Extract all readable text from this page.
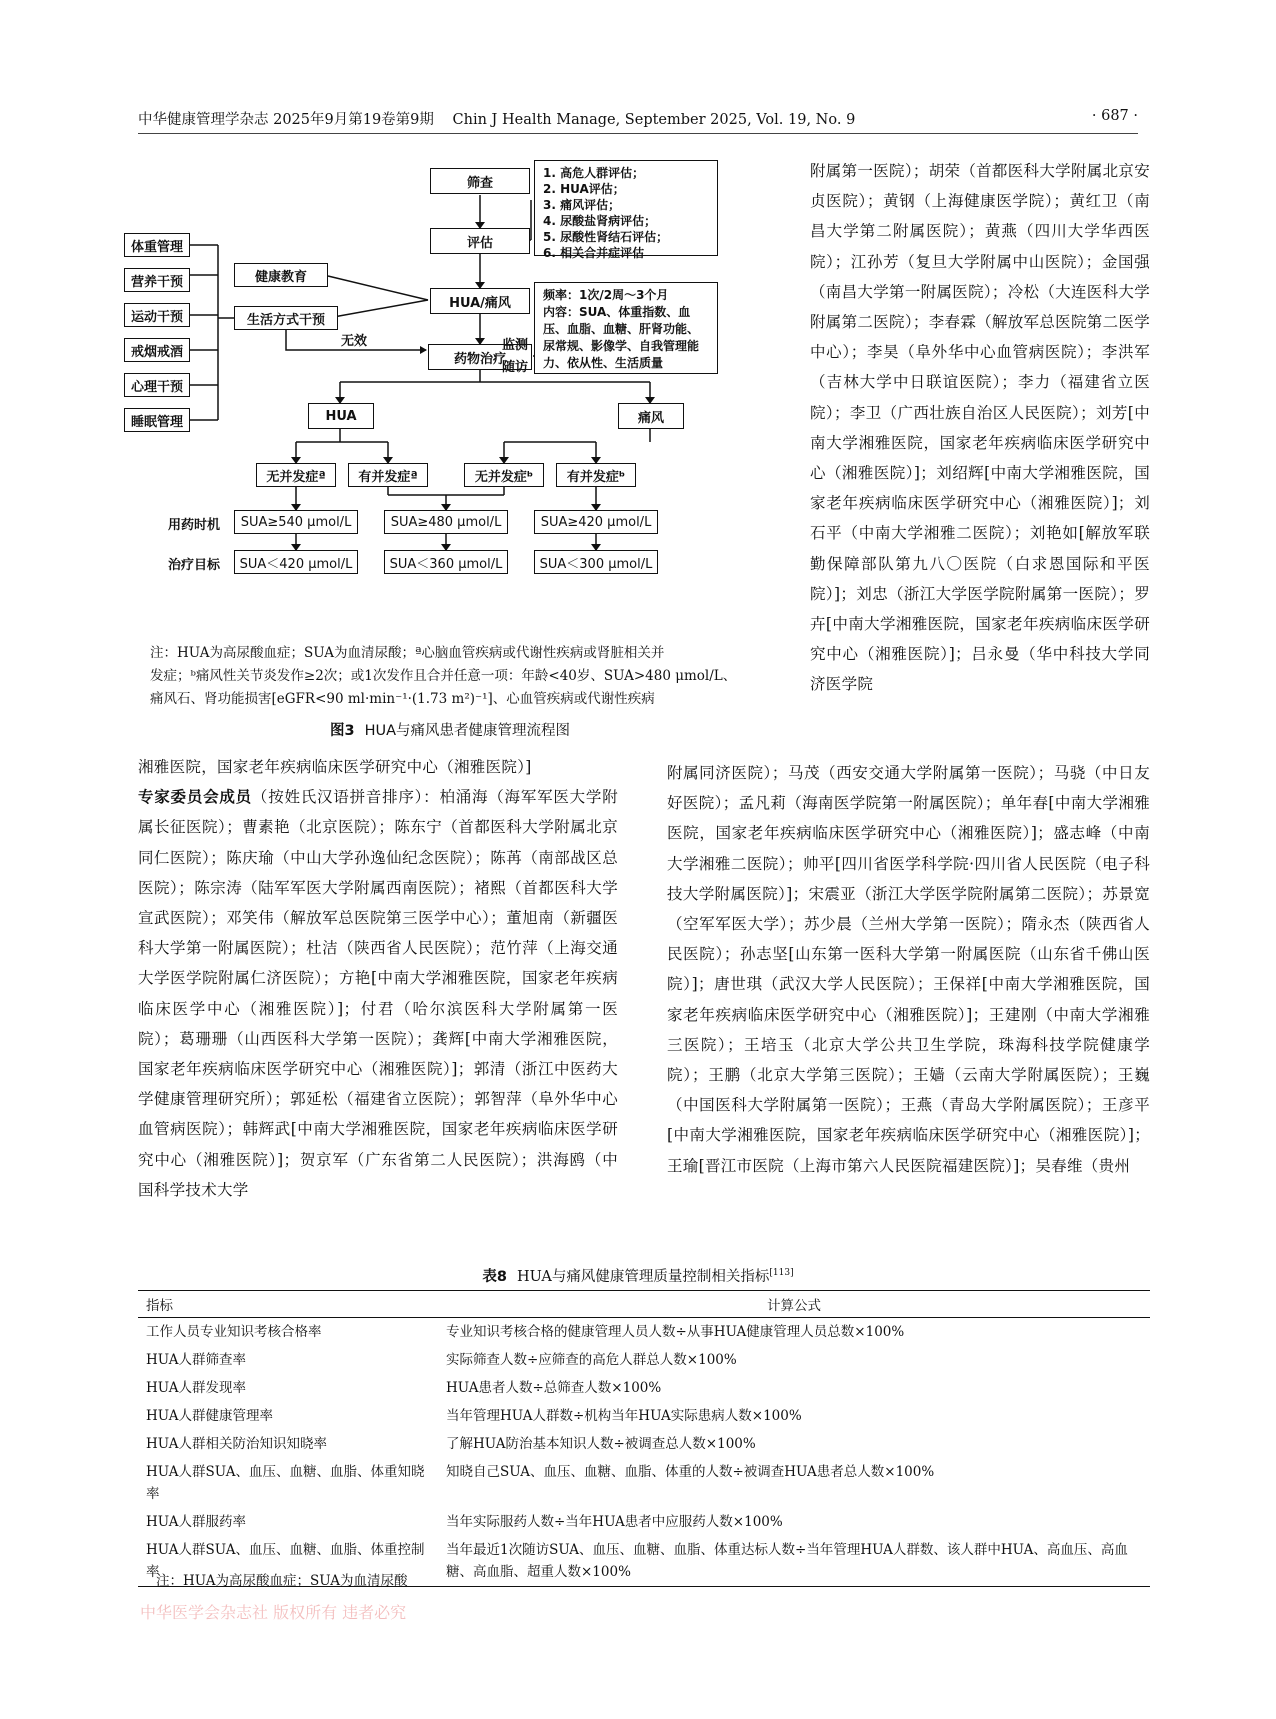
中华健康管理学杂志 2025年9月第19卷第9期 Chin J Health Manage, September 2025, Vol. 19, No. 9	· 687 ·
筛查
评估
HUA/痛风
药物治疗
1. 高危人群评估；
2. HUA评估；
3. 痛风评估；
4. 尿酸盐肾病评估；
5. 尿酸性肾结石评估；
6. 相关合并症评估
频率：1次/2周～3个月
内容：SUA、体重指数、血
压、血脂、血糖、肝肾功能、
尿常规、影像学、自我管理能
力、依从性、生活质量
监测
随访
健康教育
生活方式干预
无效
体重管理
营养干预
运动干预
戒烟戒酒
心理干预
睡眠管理	HUA	痛风
无并发症ª	有并发症ª	无并发症ᵇ	有并发症ᵇ
用药时机
治疗目标
SUA≥540 μmol/L	SUA≥480 μmol/L	SUA≥420 μmol/L
SUA＜420 μmol/L	SUA＜360 μmol/L	SUA＜300 μmol/L
注：HUA为高尿酸血症；SUA为血清尿酸；ª心脑血管疾病或代谢性疾病或肾脏相关并
发症；ᵇ痛风性关节炎发作≥2次；或1次发作且合并任意一项：年龄<40岁、SUA>480 μmol/L、
痛风石、肾功能损害[eGFR<90 ml·min⁻¹·(1.73 m²)⁻¹]、心血管疾病或代谢性疾病
图3 HUA与痛风患者健康管理流程图

附属第一医院）；胡荣（首都医科大学附属北京安贞医院）；黄钢（上海健康医学院）；黄红卫（南昌大学第二附属医院）；黄燕（四川大学华西医院）；江孙芳（复旦大学附属中山医院）；金国强（南昌大学第一附属医院）；冷松（大连医科大学附属第二医院）；李春霖（解放军总医院第二医学中心）；李昊（阜外华中心血管病医院）；李洪军（吉林大学中日联谊医院）；李力（福建省立医院）；李卫（广西壮族自治区人民医院）；刘芳[中南大学湘雅医院，国家老年疾病临床医学研究中心（湘雅医院）]；刘绍辉[中南大学湘雅医院，国家老年疾病临床医学研究中心（湘雅医院）]；刘石平（中南大学湘雅二医院）；刘艳如[解放军联勤保障部队第九八〇医院（白求恩国际和平医院）]；刘忠（浙江大学医学院附属第一医院）；罗卉[中南大学湘雅医院，国家老年疾病临床医学研究中心（湘雅医院）]；吕永曼（华中科技大学同济医学院

湘雅医院，国家老年疾病临床医学研究中心（湘雅医院）]

专家委员会成员（按姓氏汉语拼音排序）：柏涌海（海军军医大学附属长征医院）；曹素艳（北京医院）；陈东宁（首都医科大学附属北京同仁医院）；陈庆瑜（中山大学孙逸仙纪念医院）；陈苒（南部战区总医院）；陈宗涛（陆军军医大学附属西南医院）；褚熙（首都医科大学宣武医院）；邓笑伟（解放军总医院第三医学中心）；董旭南（新疆医科大学第一附属医院）；杜洁（陕西省人民医院）；范竹萍（上海交通大学医学院附属仁济医院）；方艳[中南大学湘雅医院，国家老年疾病临床医学中心（湘雅医院）]；付君（哈尔滨医科大学附属第一医院）；葛珊珊（山西医科大学第一医院）；龚辉[中南大学湘雅医院，国家老年疾病临床医学研究中心（湘雅医院）]；郭清（浙江中医药大学健康管理研究所）；郭延松（福建省立医院）；郭智萍（阜外华中心血管病医院）；韩辉武[中南大学湘雅医院，国家老年疾病临床医学研究中心（湘雅医院）]；贺京军（广东省第二人民医院）；洪海鸥（中国科学技术大学

附属同济医院）；马茂（西安交通大学附属第一医院）；马骁（中日友好医院）；孟凡莉（海南医学院第一附属医院）；单年春[中南大学湘雅医院，国家老年疾病临床医学研究中心（湘雅医院）]；盛志峰（中南大学湘雅二医院）；帅平[四川省医学科学院·四川省人民医院（电子科技大学附属医院）]；宋震亚（浙江大学医学院附属第二医院）；苏景宽（空军军医大学）；苏少晨（兰州大学第一医院）；隋永杰（陕西省人民医院）；孙志坚[山东第一医科大学第一附属医院（山东省千佛山医院）]；唐世琪（武汉大学人民医院）；王保祥[中南大学湘雅医院，国家老年疾病临床医学研究中心（湘雅医院）]；王建刚（中南大学湘雅三医院）；王培玉（北京大学公共卫生学院，珠海科技学院健康学院）；王鹏（北京大学第三医院）；王嫱（云南大学附属医院）；王巍（中国医科大学附属第一医院）；王燕（青岛大学附属医院）；王彦平[中南大学湘雅医院，国家老年疾病临床医学研究中心（湘雅医院）]；王瑜[晋江市医院（上海市第六人民医院福建医院）]；吴春维（贵州

表8 HUA与痛风健康管理质量控制相关指标[113]
指标	计算公式
工作人员专业知识考核合格率	专业知识考核合格的健康管理人员人数÷从事HUA健康管理人员总数×100%
HUA人群筛查率	实际筛查人数÷应筛查的高危人群总人数×100%
HUA人群发现率	HUA患者人数÷总筛查人数×100%
HUA人群健康管理率	当年管理HUA人群数÷机构当年HUA实际患病人数×100%
HUA人群相关防治知识知晓率	了解HUA防治基本知识人数÷被调查总人数×100%
HUA人群SUA、血压、血糖、血脂、体重知晓率	知晓自己SUA、血压、血糖、血脂、体重的人数÷被调查HUA患者总人数×100%
HUA人群服药率	当年实际服药人数÷当年HUA患者中应服药人数×100%
HUA人群SUA、血压、血糖、血脂、体重控制率	当年最近1次随访SUA、血压、血糖、血脂、体重达标人数÷当年管理HUA人群数、该人群中HUA、高血压、高血糖、高血脂、超重人数×100%
注：HUA为高尿酸血症；SUA为血清尿酸
中华医学会杂志社 版权所有 违者必究
